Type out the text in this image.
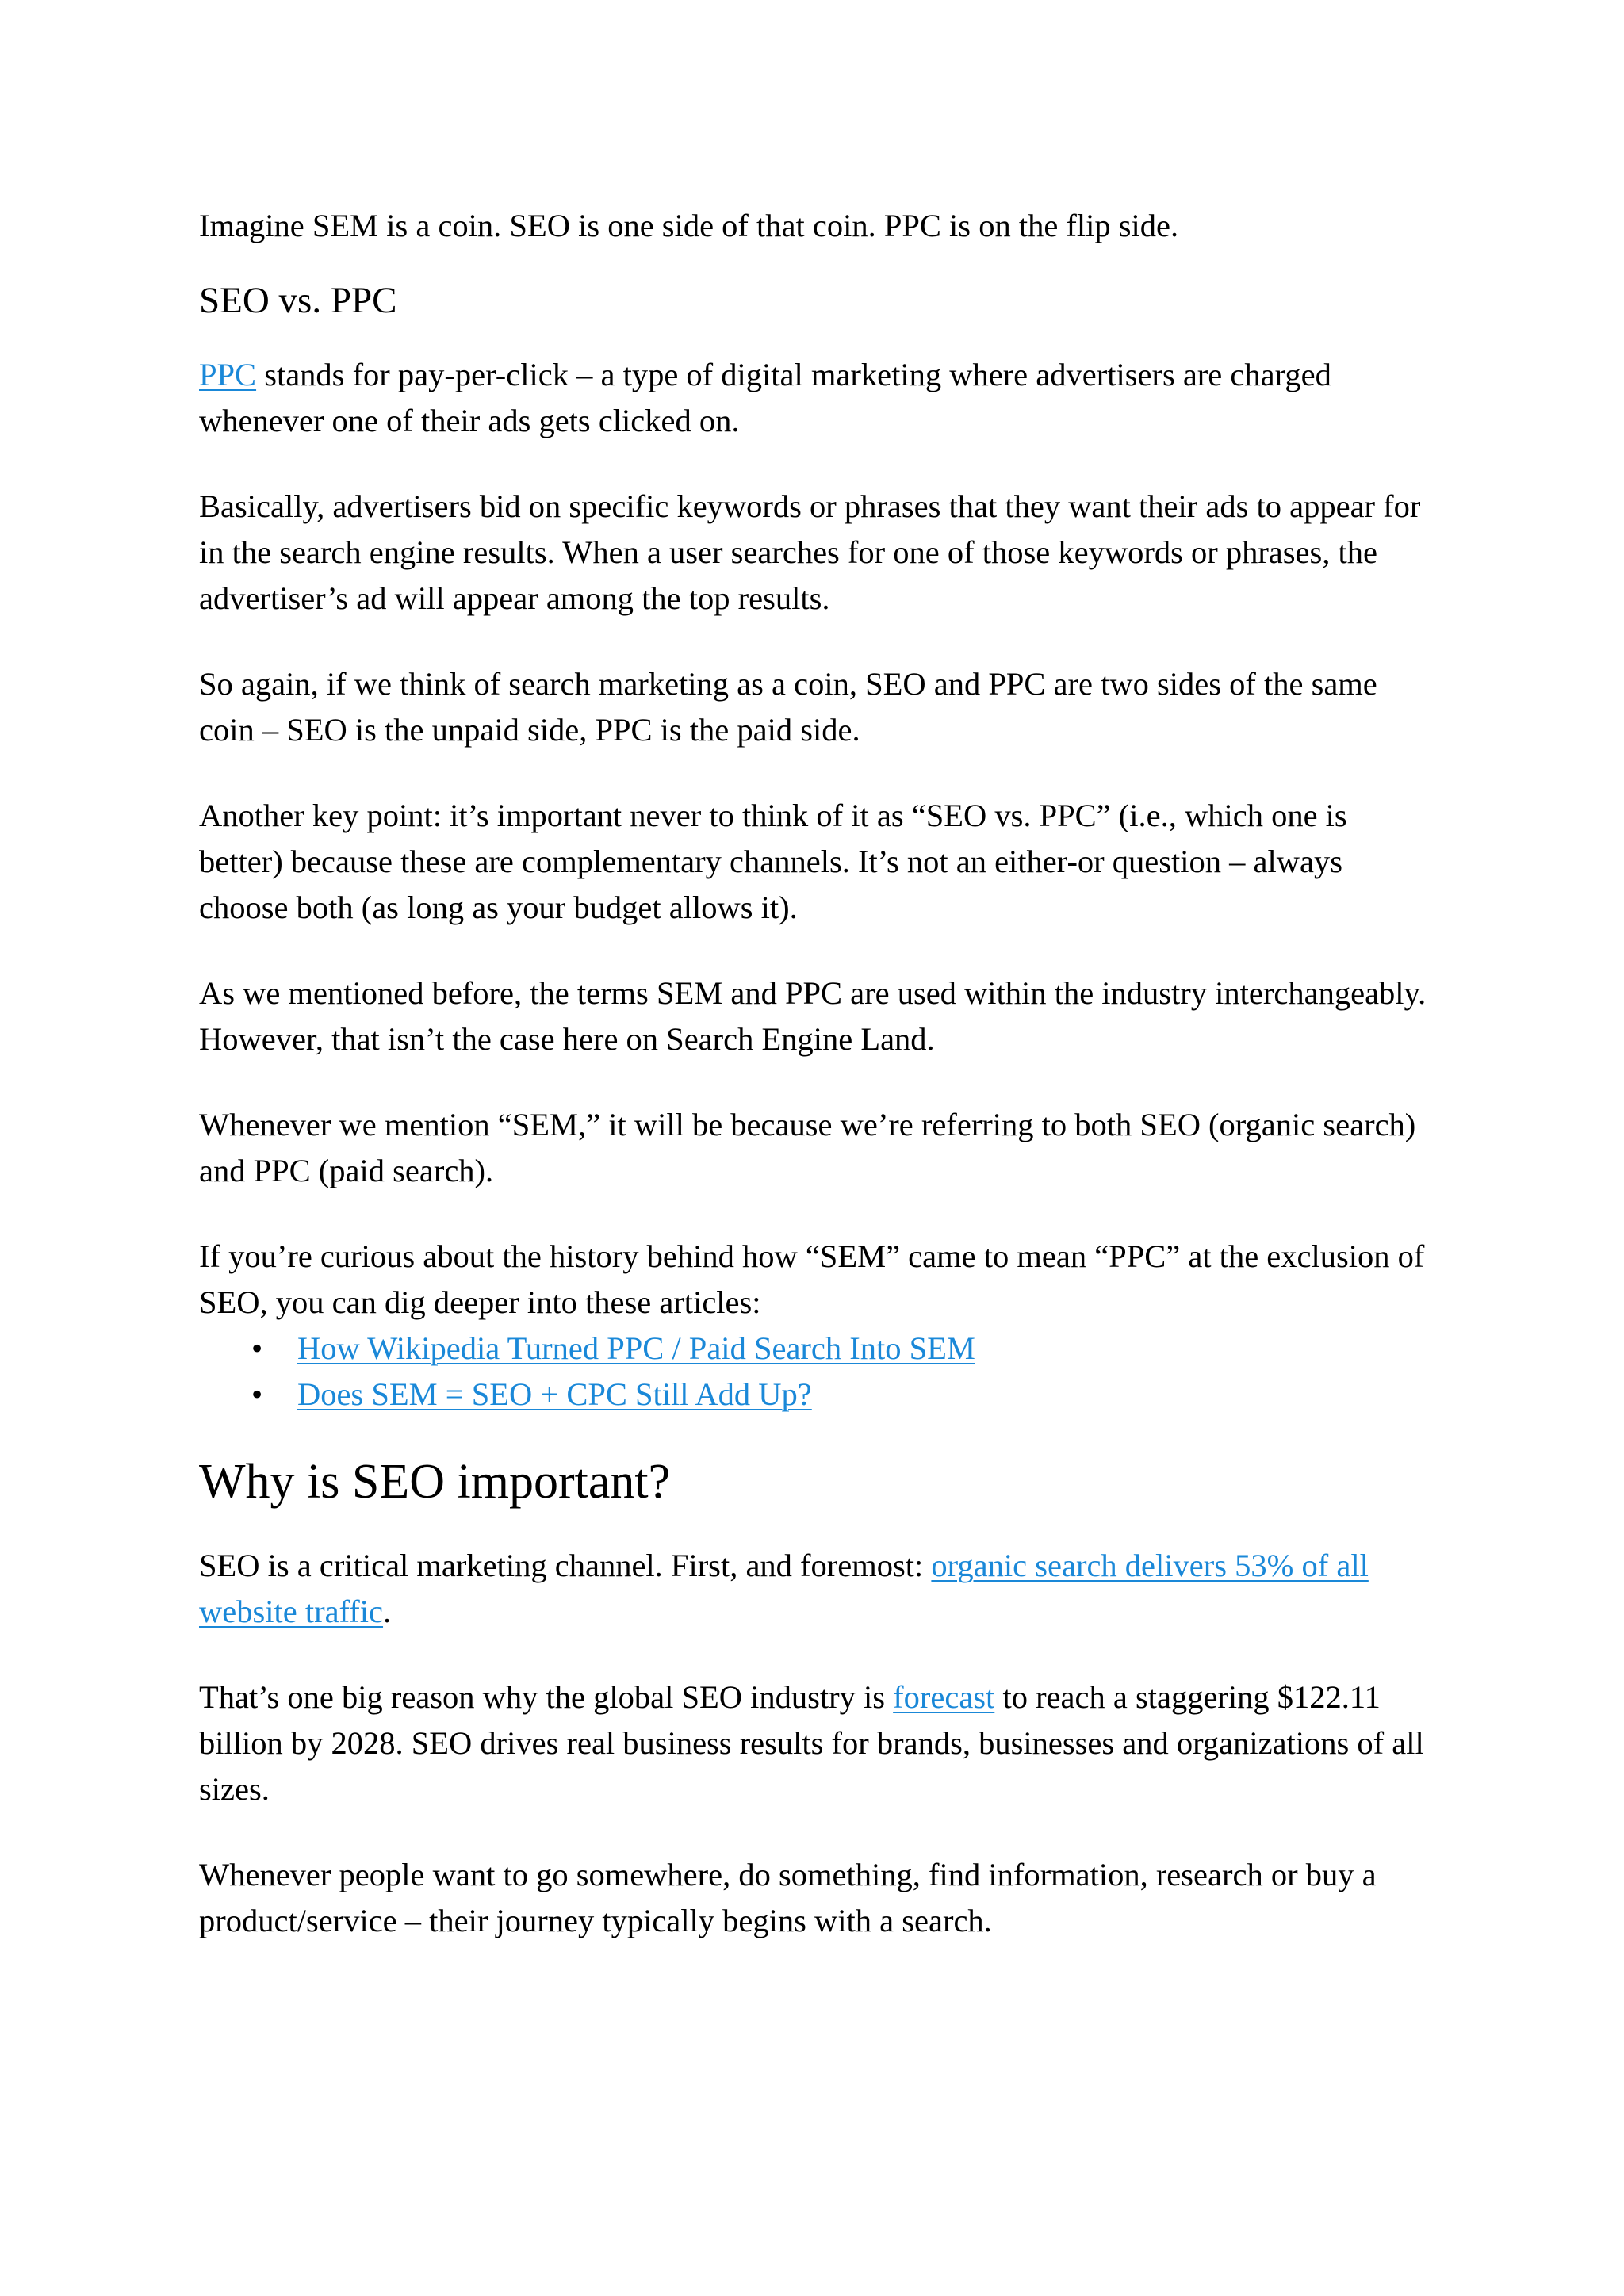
Imagine SEM is a coin. SEO is one side of that coin. PPC is on the flip side.

SEO vs. PPC

PPC stands for pay-per-click – a type of digital marketing where advertisers are charged whenever one of their ads gets clicked on.

Basically, advertisers bid on specific keywords or phrases that they want their ads to appear for in the search engine results. When a user searches for one of those keywords or phrases, the advertiser’s ad will appear among the top results.

So again, if we think of search marketing as a coin, SEO and PPC are two sides of the same coin – SEO is the unpaid side, PPC is the paid side.

Another key point: it’s important never to think of it as “SEO vs. PPC” (i.e., which one is better) because these are complementary channels. It’s not an either-or question – always choose both (as long as your budget allows it).

As we mentioned before, the terms SEM and PPC are used within the industry interchangeably. However, that isn’t the case here on Search Engine Land.

Whenever we mention “SEM,” it will be because we’re referring to both SEO (organic search) and PPC (paid search).

If you’re curious about the history behind how “SEM” came to mean “PPC” at the exclusion of SEO, you can dig deeper into these articles:

• How Wikipedia Turned PPC / Paid Search Into SEM
• Does SEM = SEO + CPC Still Add Up?
Why is SEO important?

SEO is a critical marketing channel. First, and foremost: organic search delivers 53% of all website traffic.

That’s one big reason why the global SEO industry is forecast to reach a staggering $122.11 billion by 2028. SEO drives real business results for brands, businesses and organizations of all sizes.

Whenever people want to go somewhere, do something, find information, research or buy a product/service – their journey typically begins with a search.
